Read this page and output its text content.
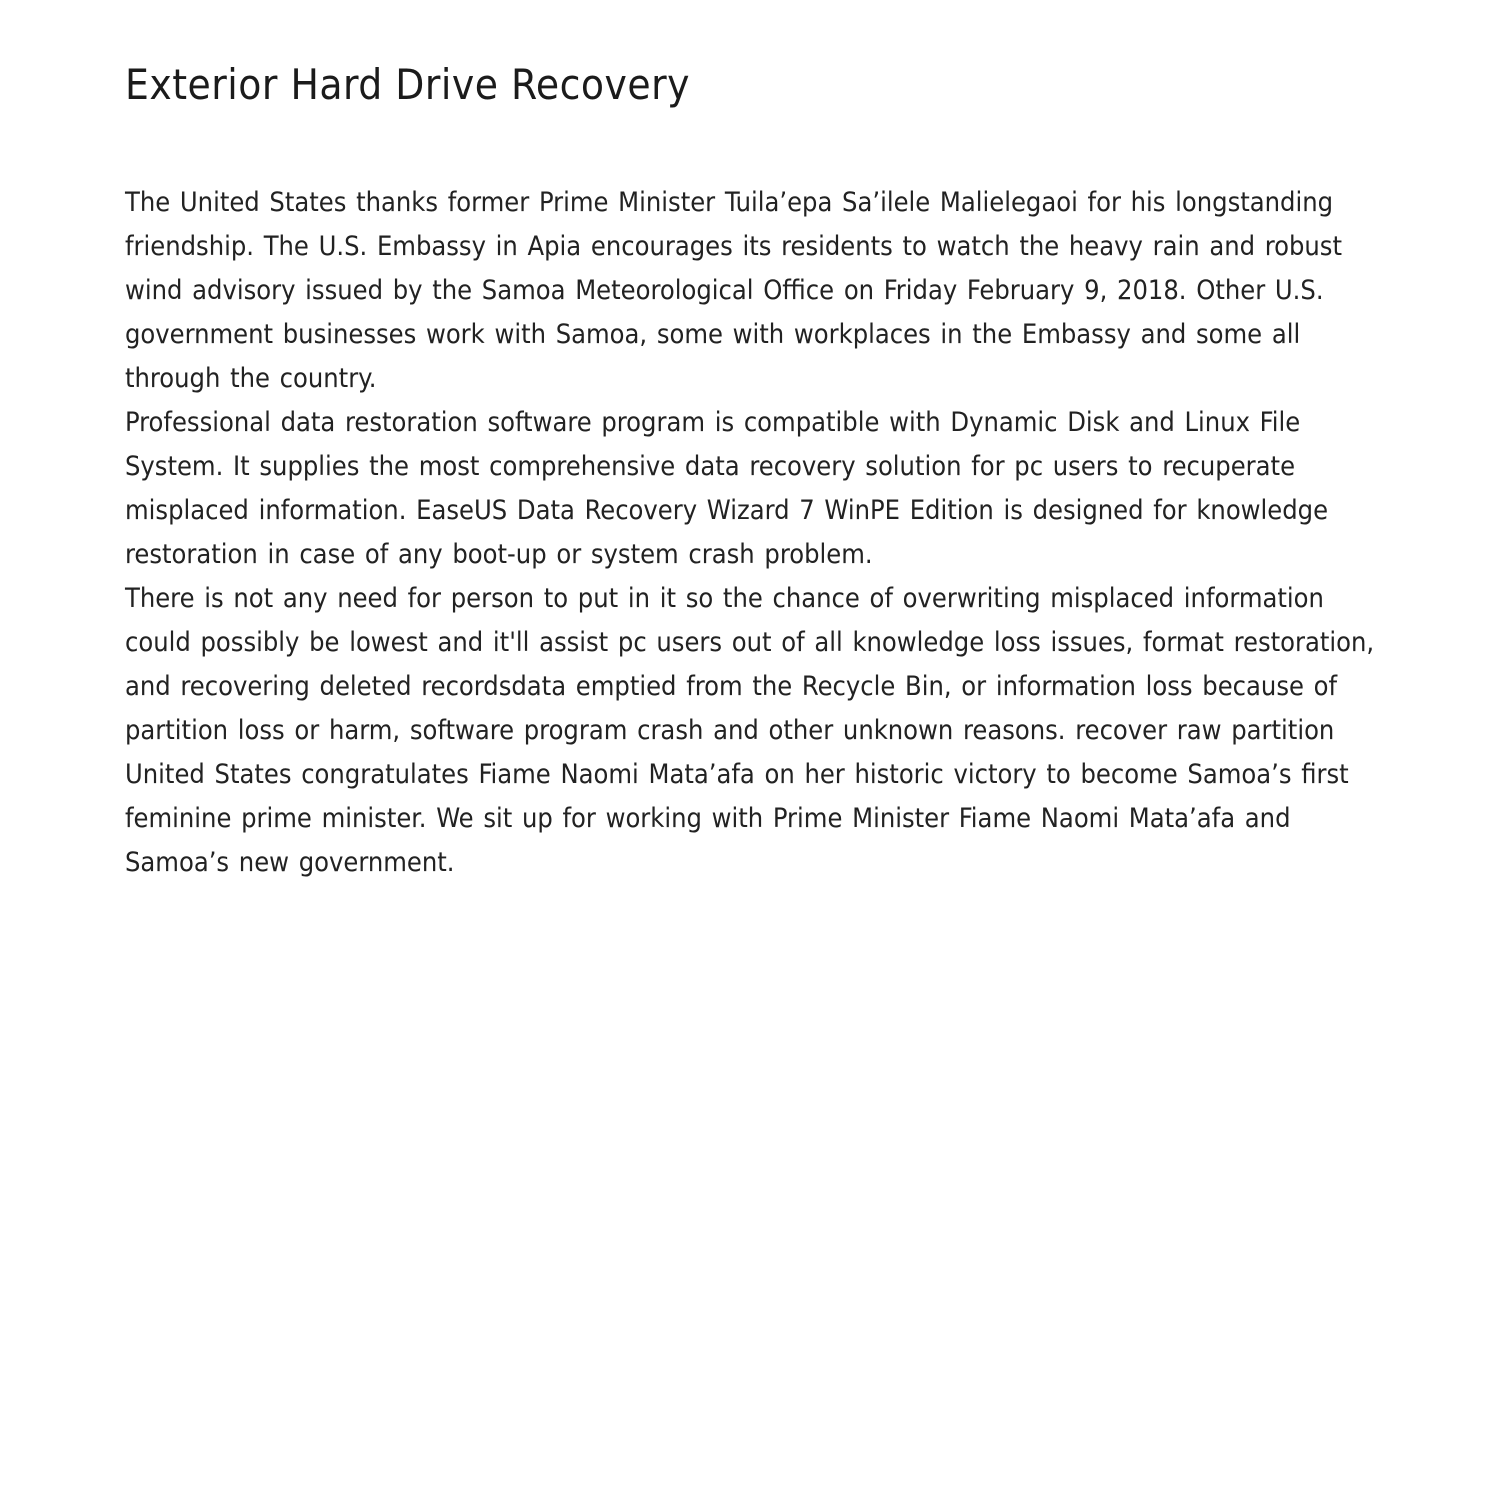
Exterior Hard Drive Recovery

The United States thanks former Prime Minister Tuila’epa Sa’ilele Malielegaoi for his longstanding friendship. The U.S. Embassy in Apia encourages its residents to watch the heavy rain and robust wind advisory issued by the Samoa Meteorological Office on Friday February 9, 2018. Other U.S. government businesses work with Samoa, some with workplaces in the Embassy and some all through the country.

Professional data restoration software program is compatible with Dynamic Disk and Linux File System. It supplies the most comprehensive data recovery solution for pc users to recuperate misplaced information. EaseUS Data Recovery Wizard 7 WinPE Edition is designed for knowledge restoration in case of any boot-up or system crash problem.

There is not any need for person to put in it so the chance of overwriting misplaced information could possibly be lowest and it'll assist pc users out of all knowledge loss issues, format restoration, and recovering deleted recordsdata emptied from the Recycle Bin, or information loss because of partition loss or harm, software program crash and other unknown reasons. recover raw partition United States congratulates Fiame Naomi Mata’afa on her historic victory to become Samoa’s first feminine prime minister. We sit up for working with Prime Minister Fiame Naomi Mata’afa and Samoa’s new government.
